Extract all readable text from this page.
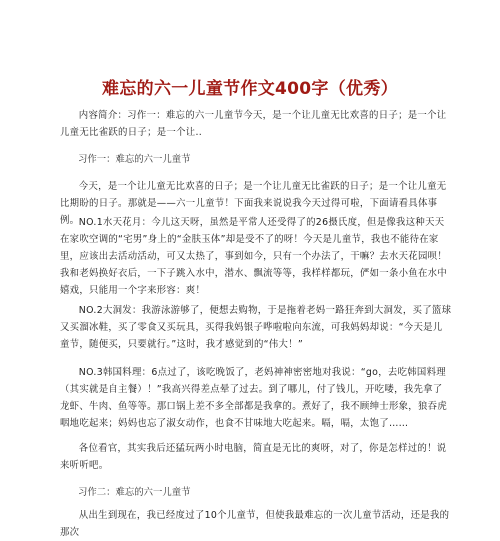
难忘的六一儿童节作文400字（优秀）
内容简介：习作一：难忘的六一儿童节今天，是一个让儿童无比欢喜的日子；是一个让儿童无比雀跃的日子；是一个让..
习作一：难忘的六一儿童节
今天，是一个让儿童无比欢喜的日子；是一个让儿童无比雀跃的日子；是一个让儿童无比期盼的日子。那就是——六一儿童节！下面我来说说我今天过得可啦，下面请看具体事例。 NO.1水天花月：今儿这天呀，虽然是平常人还受得了的26摄氏度，但是像我这种天天在家吹空调的“宅男”身上的“金肤玉体”却是受不了的呀！今天是儿童节，我也不能待在家里，应该出去活动活动，可又太热了，事到如今，只有一个办法了，干嘛？去水天花园呗！我和老妈换好衣后，一下子跳入水中，潜水、飘流等等，我样样都玩，俨如一条小鱼在水中嬉戏，只能用一个字来形容：爽！
NO.2大洞发：我游泳游够了，便想去购物，于是拖着老妈一路狂奔到大洞发，买了篮球又买溜冰鞋，买了零食又买玩具，买得我妈银子哗啦啦向东流，可我妈妈却说：“今天是儿童节，随便买，只要就行。”这时，我才感觉到的“伟大！”
NO.3韩国料理：6点过了，该吃晚饭了，老妈神神密密地对我说：“go，去吃韩国料理（其实就是自主餐）！”我高兴得差点晕了过去。到了哪儿，付了钱儿，开吃喽，我先拿了龙虾、牛肉、鱼等等。那口锅上差不多全部都是我拿的。煮好了，我不顾绅士形象，狼吞虎咽地吃起来；妈妈也忘了淑女动作，也食不甘味地大吃起来。嗝，嗝，太饱了……
各位看官，其实我后还猛玩两小时电脑，简直是无比的爽呀，对了，你是怎样过的！说来听听吧。
习作二：难忘的六一儿童节
从出生到现在，我已经度过了10个儿童节，但使我最难忘的一次儿童节活动，还是我的那次
